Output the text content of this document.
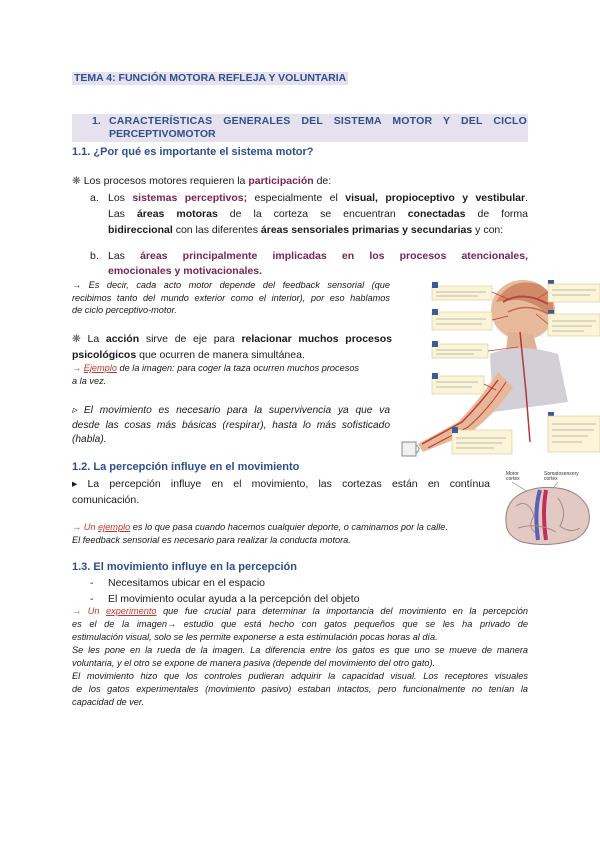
TEMA 4: FUNCIÓN MOTORA REFLEJA Y VOLUNTARIA
1. CARACTERÍSTICAS GENERALES DEL SISTEMA MOTOR Y DEL CICLO
PERCEPTIVOMOTOR
1.1. ¿Por qué es importante el sistema motor?
❋ Los procesos motores requieren la participación de:
a. Los sistemas perceptivos; especialmente el visual, propioceptivo y vestibular.
Las áreas motoras de la corteza se encuentran conectadas de forma
bidireccional con las diferentes áreas sensoriales primarias y secundarias y con:
b. Las áreas principalmente implicadas en los procesos atencionales,
emocionales y motivacionales.
→ Es decir, cada acto motor depende del feedback sensorial (que
recibimos tanto del mundo exterior como el interior), por eso hablamos
de ciclo perceptivo-motor.
❋ La acción sirve de eje para relacionar muchos procesos
psicológicos que ocurren de manera simultánea.
→ Ejemplo de la imagen: para coger la taza ocurren muchos procesos
a la vez.
▹ El movimiento es necesario para la supervivencia ya que va
desde las cosas más básicas (respirar), hasta lo más sofisticado
(habla).
1.2. La percepción influye en el movimiento
▸ La percepción influye en el movimiento, las cortezas están en contínua
comunicación.
Motor cortex
Somatosensory cortex
→ Un ejemplo es lo que pasa cuando hacemos cualquier deporte, o caminamos por la calle.
El feedback sensorial es necesario para realizar la conducta motora.
1.3. El movimiento influye en la percepción
- Necesitamos ubicar en el espacio
- El movimiento ocular ayuda a la percepción del objeto
→ Un experimento que fue crucial para determinar la importancia del movimiento en la percepción
es el de la imagen→ estudio que está hecho con gatos pequeños que se les ha privado de
estimulación visual, solo se les permite exponerse a esta estimulación pocas horas al día.
Se les pone en la rueda de la imagen. La diferencia entre los gatos es que uno se mueve de manera
voluntaria, y el otro se expone de manera pasiva (depende del movimiento del otro gato).
El movimiento hizo que los controles pudieran adquirir la capacidad visual. Los receptores visuales
de los gatos experimentales (movimiento pasivo) estaban intactos, pero funcionalmente no tenían la
capacidad de ver.
